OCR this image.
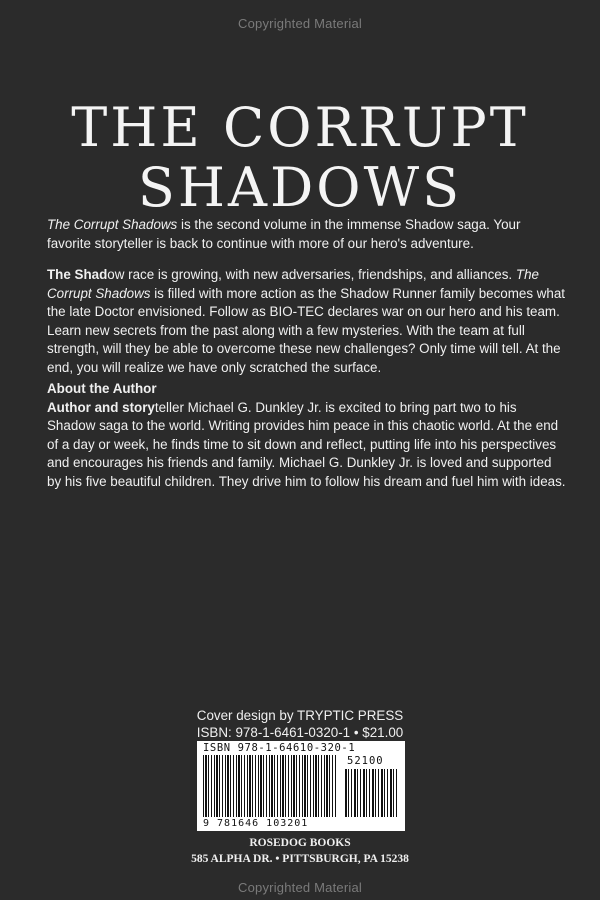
Copyrighted Material
THE CORRUPT
SHADOWS

The Corrupt Shadows is the second volume in the immense Shadow saga. Your favorite storyteller is back to continue with more of our hero's adventure.

The Shadow race is growing, with new adversaries, friendships, and alliances. The Corrupt Shadows is filled with more action as the Shadow Runner family becomes what the late Doctor envisioned. Follow as BIO-TEC declares war on our hero and his team. Learn new secrets from the past along with a few mysteries. With the team at full strength, will they be able to overcome these new challenges? Only time will tell. At the end, you will realize we have only scratched the surface.

About the Author

Author and storyteller Michael G. Dunkley Jr. is excited to bring part two to his Shadow saga to the world. Writing provides him peace in this chaotic world. At the end of a day or week, he finds time to sit down and reflect, putting life into his perspectives and encourages his friends and family. Michael G. Dunkley Jr. is loved and supported by his five beautiful children. They drive him to follow his dream and fuel him with ideas.

Cover design by TRYPTIC PRESS
ISBN: 978-1-6461-0320-1 • $21.00
ISBN 978-1-64610-320-1
52100
9 781646 103201
ROSEDOG BOOKS
585 ALPHA DR. • PITTSBURGH, PA 15238
Copyrighted Material
